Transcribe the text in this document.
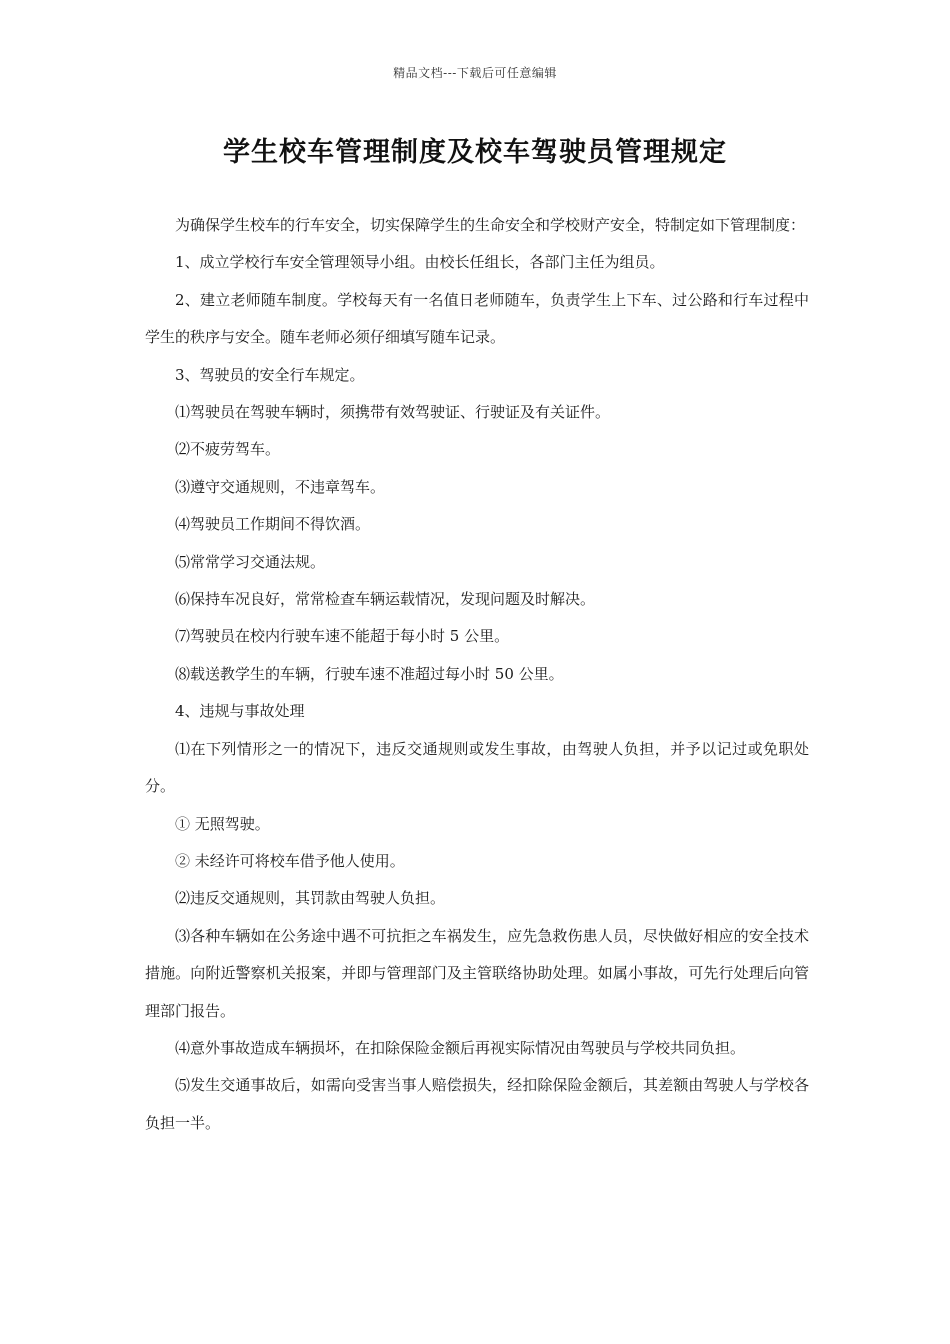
精品文档---下载后可任意编辑
学生校车管理制度及校车驾驶员管理规定

为确保学生校车的行车安全，切实保障学生的生命安全和学校财产安全，特制定如下管理制度：

1、成立学校行车安全管理领导小组。由校长任组长，各部门主任为组员。

2、建立老师随车制度。学校每天有一名值日老师随车，负责学生上下车、过公路和行车过程中学生的秩序与安全。随车老师必须仔细填写随车记录。

3、驾驶员的安全行车规定。

⑴驾驶员在驾驶车辆时，须携带有效驾驶证、行驶证及有关证件。

⑵不疲劳驾车。

⑶遵守交通规则，不违章驾车。

⑷驾驶员工作期间不得饮酒。

⑸常常学习交通法规。

⑹保持车况良好，常常检查车辆运载情况，发现问题及时解决。

⑺驾驶员在校内行驶车速不能超于每小时 5 公里。

⑻载送教学生的车辆，行驶车速不准超过每小时 50 公里。

4、违规与事故处理

⑴在下列情形之一的情况下，违反交通规则或发生事故，由驾驶人负担，并予以记过或免职处分。

① 无照驾驶。

② 未经许可将校车借予他人使用。

⑵违反交通规则，其罚款由驾驶人负担。

⑶各种车辆如在公务途中遇不可抗拒之车祸发生，应先急救伤患人员，尽快做好相应的安全技术措施。向附近警察机关报案，并即与管理部门及主管联络协助处理。如属小事故，可先行处理后向管理部门报告。

⑷意外事故造成车辆损坏，在扣除保险金额后再视实际情况由驾驶员与学校共同负担。

⑸发生交通事故后，如需向受害当事人赔偿损失，经扣除保险金额后，其差额由驾驶人与学校各负担一半。
